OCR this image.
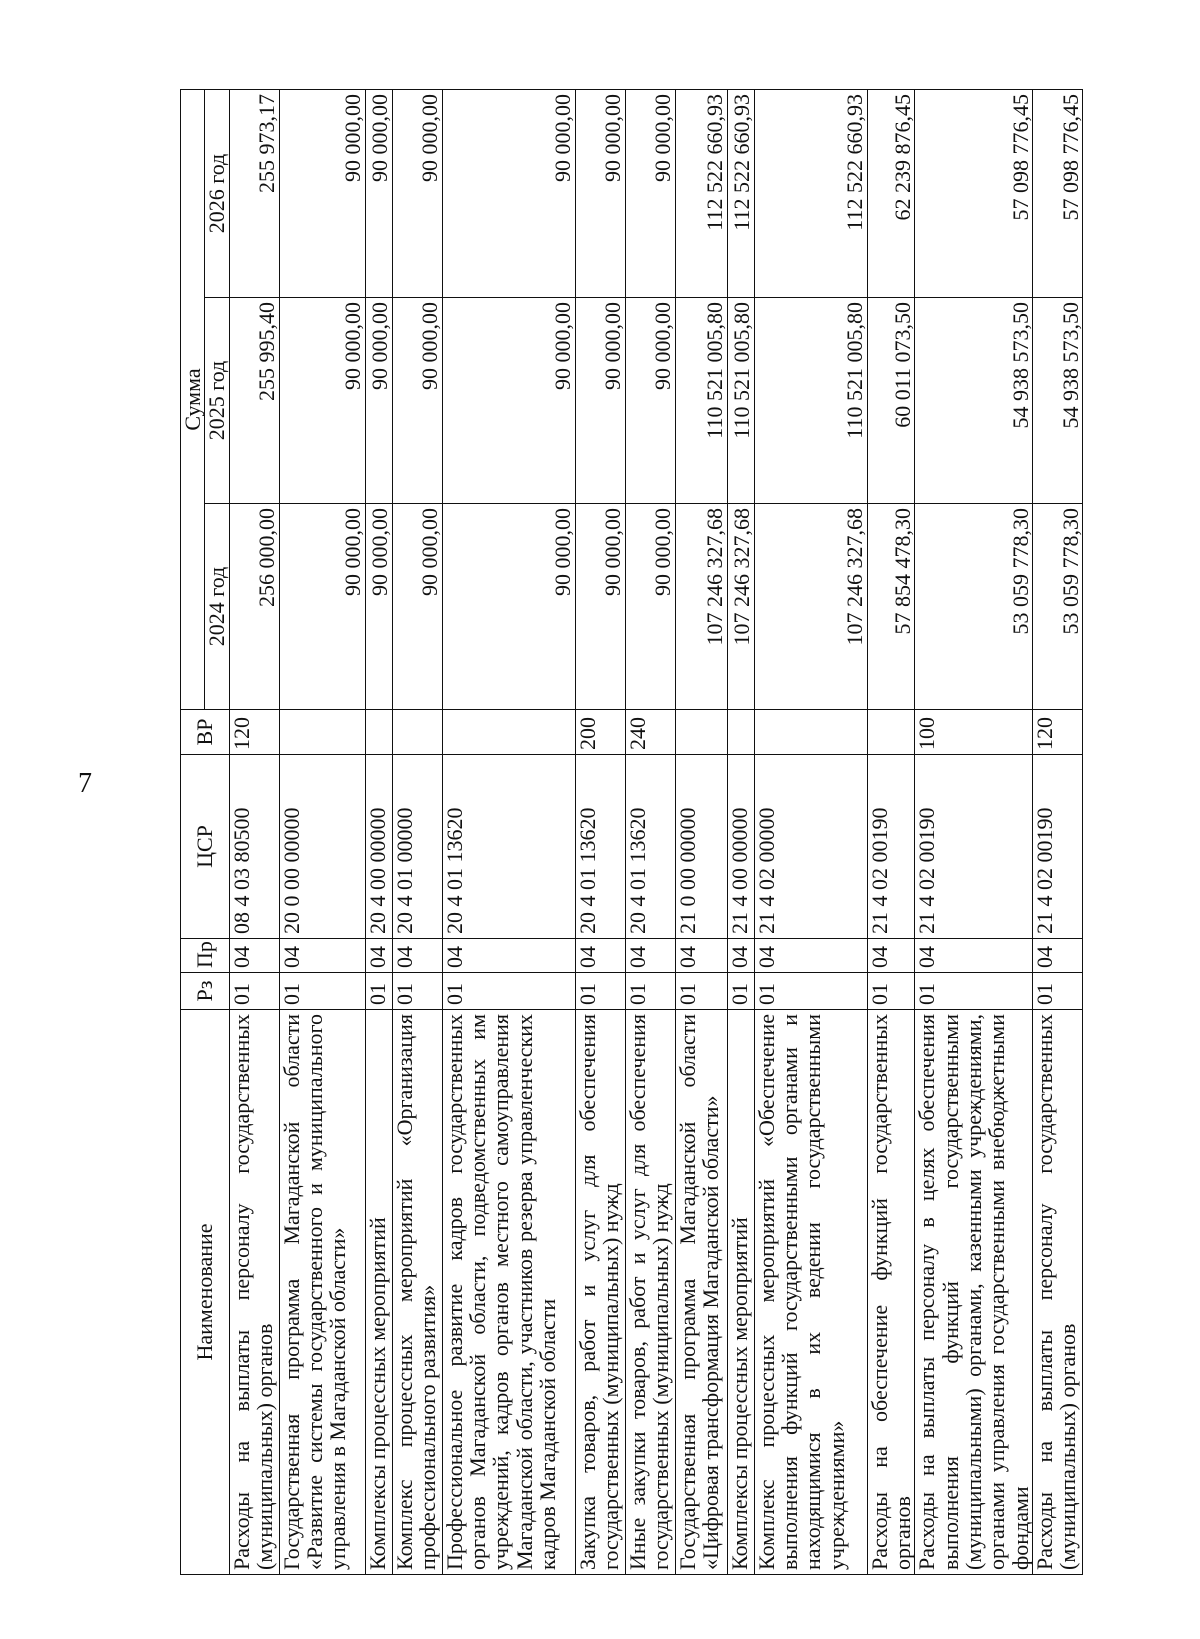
7
Наименование	Рз	Пр	ЦСР	ВР	Сумма		
					2024 год	2025 год	2026 год
Расходы на выплаты персоналу государственных (муниципальных) органов	01	04	08 4 03 80500	120	256 000,00	255 995,40	255 973,17
Государственная программа Магаданской области «Развитие системы государственного и муниципального управления в Магаданской области»	01	04	20 0 00 00000		90 000,00	90 000,00	90 000,00
Комплексы процессных мероприятий	01	04	20 4 00 00000		90 000,00	90 000,00	90 000,00
Комплекс процессных мероприятий «Организация профессионального развития»	01	04	20 4 01 00000		90 000,00	90 000,00	90 000,00
Профессиональное развитие кадров государственных органов Магаданской области, подведомственных им учреждений, кадров органов местного самоуправления Магаданской области, участников резерва управленческих кадров Магаданской области	01	04	20 4 01 13620		90 000,00	90 000,00	90 000,00
Закупка товаров, работ и услуг для обеспечения государственных (муниципальных) нужд	01	04	20 4 01 13620	200	90 000,00	90 000,00	90 000,00
Иные закупки товаров, работ и услуг для обеспечения государственных (муниципальных) нужд	01	04	20 4 01 13620	240	90 000,00	90 000,00	90 000,00
Государственная программа Магаданской области «Цифровая трансформация Магаданской области»	01	04	21 0 00 00000		107 246 327,68	110 521 005,80	112 522 660,93
Комплексы процессных мероприятий	01	04	21 4 00 00000		107 246 327,68	110 521 005,80	112 522 660,93
Комплекс процессных мероприятий «Обеспечение выполнения функций государственными органами и находящимися в их ведении государственными учреждениями»	01	04	21 4 02 00000		107 246 327,68	110 521 005,80	112 522 660,93
Расходы на обеспечение функций государственных органов	01	04	21 4 02 00190		57 854 478,30	60 011 073,50	62 239 876,45
Расходы на выплаты персоналу в целях обеспечения выполнения функций государственными (муниципальными) органами, казенными учреждениями, органами управления государственными внебюджетными фондами	01	04	21 4 02 00190	100	53 059 778,30	54 938 573,50	57 098 776,45
Расходы на выплаты персоналу государственных (муниципальных) органов	01	04	21 4 02 00190	120	53 059 778,30	54 938 573,50	57 098 776,45
